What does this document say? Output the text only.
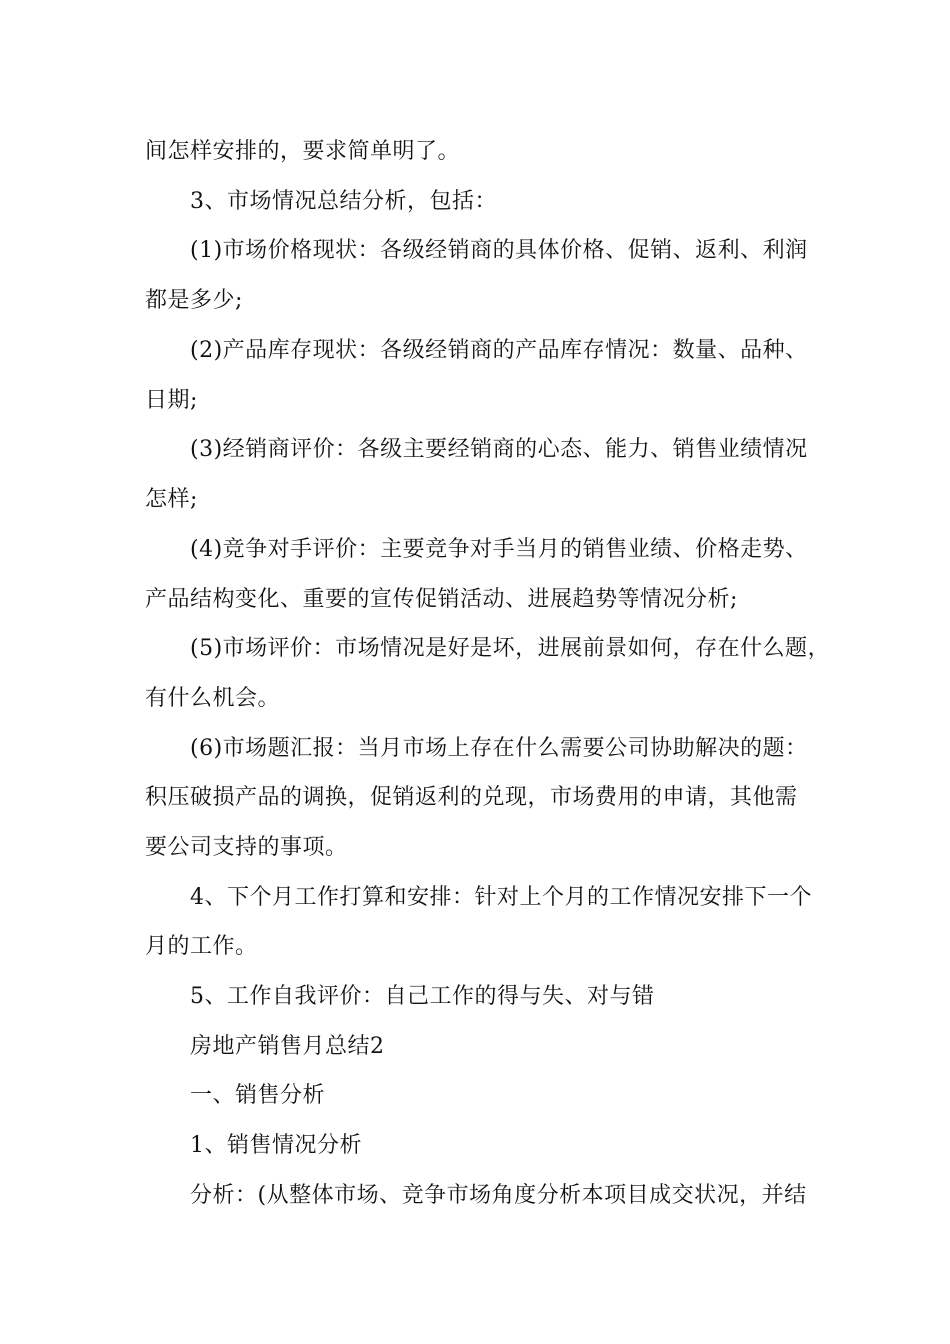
间怎样安排的，要求简单明了。
3、市场情况总结分析，包括：
(1)市场价格现状：各级经销商的具体价格、促销、返利、利润
都是多少;
(2)产品库存现状：各级经销商的产品库存情况：数量、品种、
日期;
(3)经销商评价：各级主要经销商的心态、能力、销售业绩情况
怎样;
(4)竞争对手评价：主要竞争对手当月的销售业绩、价格走势、
产品结构变化、重要的宣传促销活动、进展趋势等情况分析;
(5)市场评价：市场情况是好是坏，进展前景如何，存在什么题，
有什么机会。
(6)市场题汇报：当月市场上存在什么需要公司协助解决的题：
积压破损产品的调换，促销返利的兑现，市场费用的申请，其他需
要公司支持的事项。
4、下个月工作打算和安排：针对上个月的工作情况安排下一个
月的工作。
5、工作自我评价：自己工作的得与失、对与错
房地产销售月总结2
一、销售分析
1、销售情况分析
分析：(从整体市场、竞争市场角度分析本项目成交状况，并结
